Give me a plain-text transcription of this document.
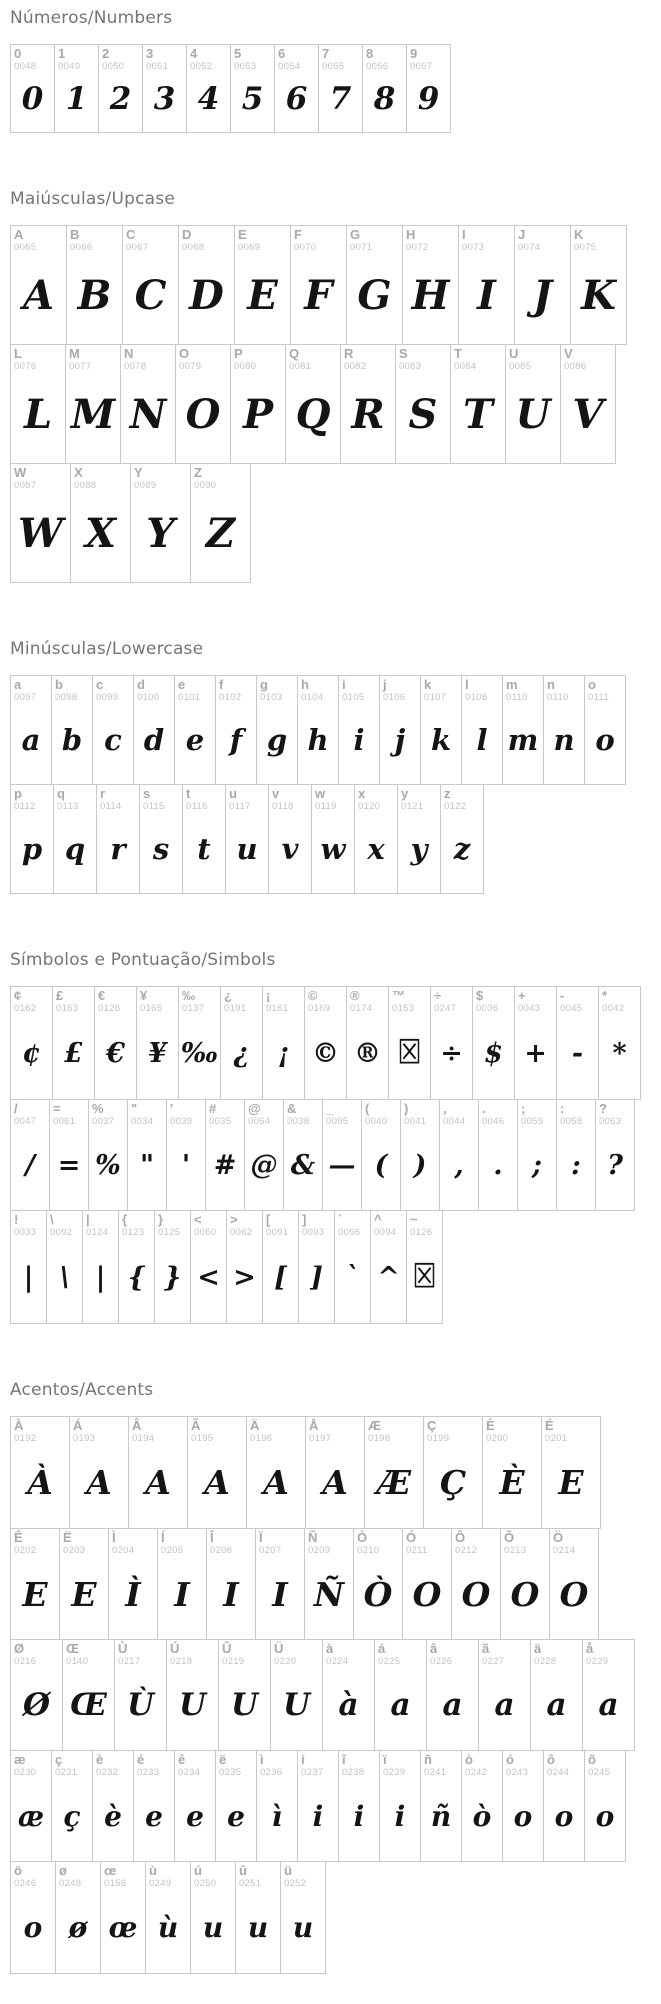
Números/Numbers
0
0048
0
1
0049
1
2
0050
2
3
0051
3
4
0052
4
5
0053
5
6
0054
6
7
0055
7
8
0056
8
9
0057
9
Maiúsculas/Upcase
A
0065
A
B
0066
B
C
0067
C
D
0068
D
E
0069
E
F
0070
F
G
0071
G
H
0072
H
I
0073
I
J
0074
J
K
0075
K
L
0076
L
M
0077
M
N
0078
N
O
0079
O
P
0080
P
Q
0081
Q
R
0082
R
S
0083
S
T
0084
T
U
0085
U
V
0086
V
W
0087
W
X
0088
X
Y
0089
Y
Z
0090
Z
Minúsculas/Lowercase
a
0097
a
b
0098
b
c
0099
c
d
0100
d
e
0101
e
f
0102
f
g
0103
g
h
0104
h
i
0105
i
j
0106
j
k
0107
k
l
0108
l
m
0110
m
n
0110
n
o
0111
o
p
0112
p
q
0113
q
r
0114
r
s
0115
s
t
0116
t
u
0117
u
v
0118
v
w
0119
w
x
0120
x
y
0121
y
z
0122
z
Símbolos e Pontuação/Simbols
¢
0162
¢
£
0163
£
€
0128
€
¥
0165
¥
‰
0137
‰
¿
0191
¿
¡
0161
¡
©
0169
©
®
0174
®
™
0153
☒
÷
0247
÷
$
0036
$
+
0043
+
-
0045
-
*
0042
*
/
0047
/
=
0061
=
%
0037
%
"
0034
"
'
0039
'
#
0035
#
@
0064
@
&
0038
&
_
0095
—
(
0040
(
)
0041
)
,
0044
,
.
0046
.
;
0059
;
:
0058
:
?
0063
?
!
0033
|
\
0092
\
|
0124
|
{
0123
{
}
0125
}
<
0060
<
>
0062
>
[
0091
[
]
0093
]
`
0096
`
^
0094
^
~
0126
☒
Acentos/Accents
À
0192
À
Á
0193
A
Â
0194
A
Ã
0195
A
Ä
0196
A
Å
0197
A
Æ
0198
Æ
Ç
0199
Ç
È
0200
È
É
0201
E
Ê
0202
E
Ë
0203
E
Ì
0204
Ì
Í
0205
I
Î
0206
I
Ï
0207
I
Ñ
0209
Ñ
Ò
0210
Ò
Ó
0211
O
Ô
0212
O
Õ
0213
O
Ö
0214
O
Ø
0216
Ø
Œ
0140
Œ
Ù
0217
Ù
Ú
0218
U
Û
0219
U
Ü
0220
U
à
0224
à
á
0225
a
â
0226
a
ã
0227
a
ä
0228
a
å
0229
a
æ
0230
æ
ç
0231
ç
è
0232
è
é
0233
e
ê
0234
e
ë
0235
e
ì
0236
ì
í
0237
i
î
0238
i
ï
0239
i
ñ
0241
ñ
ò
0242
ò
ó
0243
o
ô
0244
o
õ
0245
o
ö
0246
o
ø
0248
ø
œ
0156
œ
ù
0249
ù
ú
0250
u
û
0251
u
ü
0252
u
